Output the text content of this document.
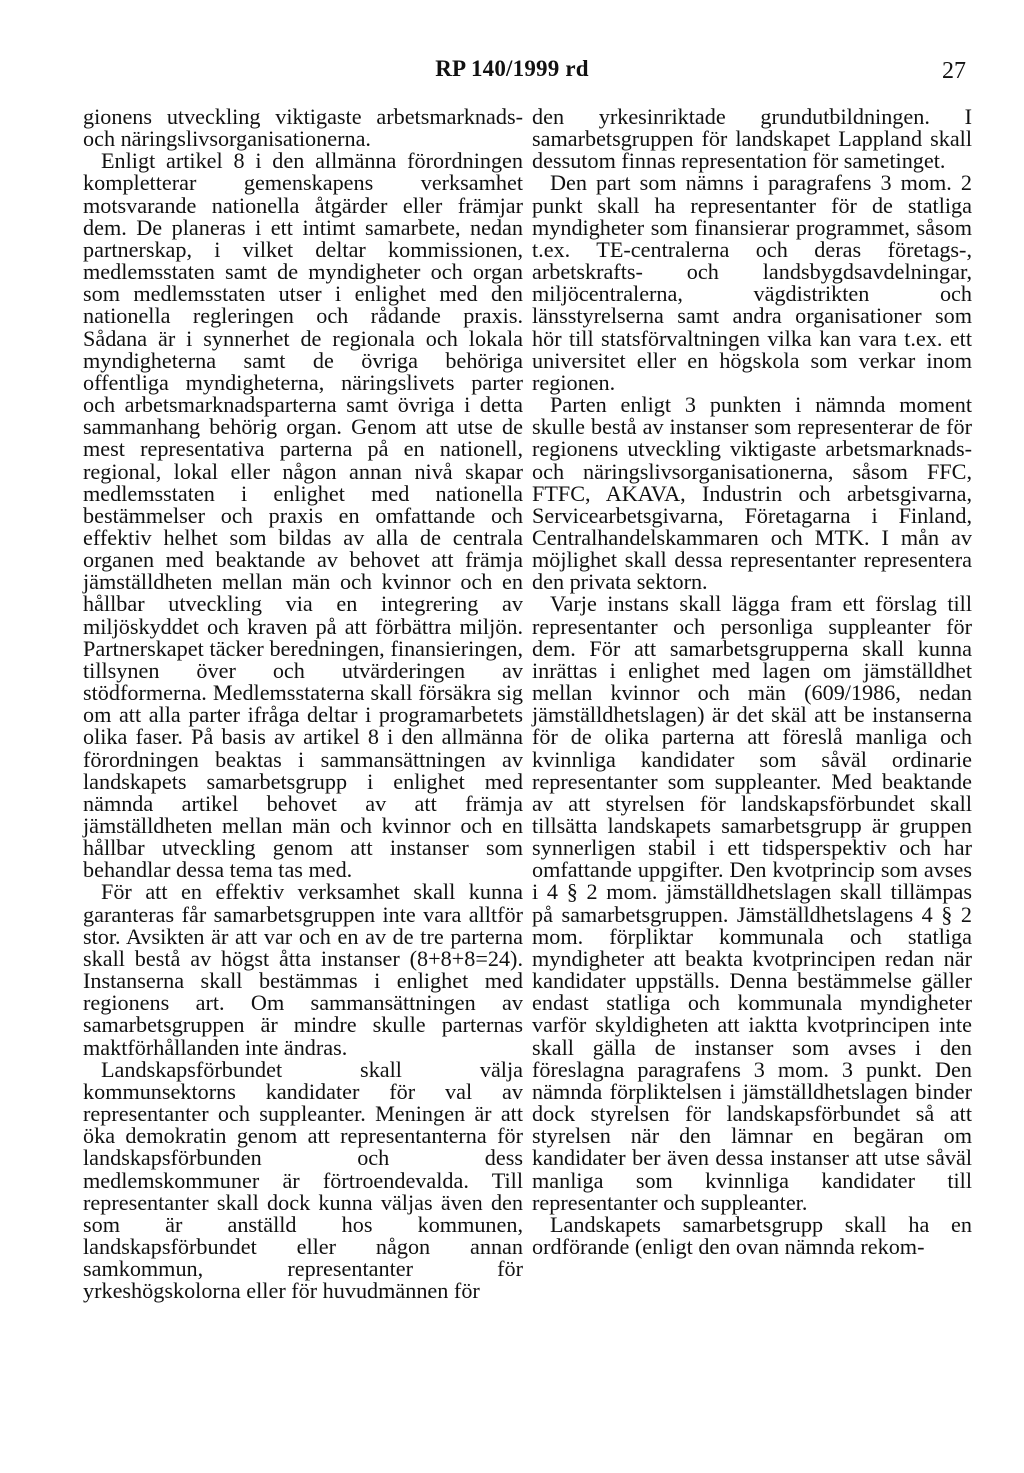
RP 140/1999 rd	27

gionens utveckling viktigaste arbetsmarknads- och näringslivsorganisationerna.

Enligt artikel 8 i den allmänna förordningen kompletterar gemenskapens verksamhet motsvarande nationella åtgärder eller främjar dem. De planeras i ett intimt samarbete, nedan partnerskap, i vilket deltar kommissionen, medlemsstaten samt de myndigheter och organ som medlemsstaten utser i enlighet med den nationella regleringen och rådande praxis. Sådana är i synnerhet de regionala och lokala myndigheterna samt de övriga behöriga offentliga myndigheterna, näringslivets parter och arbetsmarknadsparterna samt övriga i detta sammanhang behörig organ. Genom att utse de mest representativa parterna på en nationell, regional, lokal eller någon annan nivå skapar medlemsstaten i enlighet med nationella bestämmelser och praxis en omfattande och effektiv helhet som bildas av alla de centrala organen med beaktande av behovet att främja jämställdheten mellan män och kvinnor och en hållbar utveckling via en integrering av miljöskyddet och kraven på att förbättra miljön. Partnerskapet täcker beredningen, finansieringen, tillsynen över och utvärderingen av stödformerna. Medlemsstaterna skall försäkra sig om att alla parter ifråga deltar i programarbetets olika faser. På basis av artikel 8 i den allmänna förordningen beaktas i sammansättningen av landskapets samarbetsgrupp i enlighet med nämnda artikel behovet av att främja jämställdheten mellan män och kvinnor och en hållbar utveckling genom att instanser som behandlar dessa tema tas med.

För att en effektiv verksamhet skall kunna garanteras får samarbetsgruppen inte vara alltför stor. Avsikten är att var och en av de tre parterna skall bestå av högst åtta instanser (8+8+8=24). Instanserna skall bestämmas i enlighet med regionens art. Om sammansättningen av samarbetsgruppen är mindre skulle parternas maktförhållanden inte ändras.

Landskapsförbundet skall välja kommunsektorns kandidater för val av representanter och suppleanter. Meningen är att öka demokratin genom att representanterna för landskapsförbunden och dess medlemskommuner är förtroendevalda. Till representanter skall dock kunna väljas även den som är anställd hos kommunen, landskapsförbundet eller någon annan samkommun, representanter för yrkeshögskolorna eller för huvudmännen för

den yrkesinriktade grundutbildningen. I samarbetsgruppen för landskapet Lappland skall dessutom finnas representation för sametinget.

Den part som nämns i paragrafens 3 mom. 2 punkt skall ha representanter för de statliga myndigheter som finansierar programmet, såsom t.ex. TE-centralerna och deras företags-, arbetskrafts- och landsbygdsavdelningar, miljöcentralerna, vägdistrikten och länsstyrelserna samt andra organisationer som hör till statsförvaltningen vilka kan vara t.ex. ett universitet eller en högskola som verkar inom regionen.

Parten enligt 3 punkten i nämnda moment skulle bestå av instanser som representerar de för regionens utveckling viktigaste arbetsmarknads- och näringslivsorganisationerna, såsom FFC, FTFC, AKAVA, Industrin och arbetsgivarna, Servicearbetsgivarna, Företagarna i Finland, Centralhandelskammaren och MTK. I mån av möjlighet skall dessa representanter representera den privata sektorn.

Varje instans skall lägga fram ett förslag till representanter och personliga suppleanter för dem. För att samarbetsgrupperna skall kunna inrättas i enlighet med lagen om jämställdhet mellan kvinnor och män (609/1986, nedan jämställdhetslagen) är det skäl att be instanserna för de olika parterna att föreslå manliga och kvinnliga kandidater som såväl ordinarie representanter som suppleanter. Med beaktande av att styrelsen för landskapsförbundet skall tillsätta landskapets samarbetsgrupp är gruppen synnerligen stabil i ett tidsperspektiv och har omfattande uppgifter. Den kvotprincip som avses i 4 § 2 mom. jämställdhetslagen skall tillämpas på samarbetsgruppen. Jämställdhetslagens 4 § 2 mom. förpliktar kommunala och statliga myndigheter att beakta kvotprincipen redan när kandidater uppställs. Denna bestämmelse gäller endast statliga och kommunala myndigheter varför skyldigheten att iaktta kvotprincipen inte skall gälla de instanser som avses i den föreslagna paragrafens 3 mom. 3 punkt. Den nämnda förpliktelsen i jämställdhetslagen binder dock styrelsen för landskapsförbundet så att styrelsen när den lämnar en begäran om kandidater ber även dessa instanser att utse såväl manliga som kvinnliga kandidater till representanter och suppleanter.

Landskapets samarbetsgrupp skall ha en ordförande (enligt den ovan nämnda rekom-
